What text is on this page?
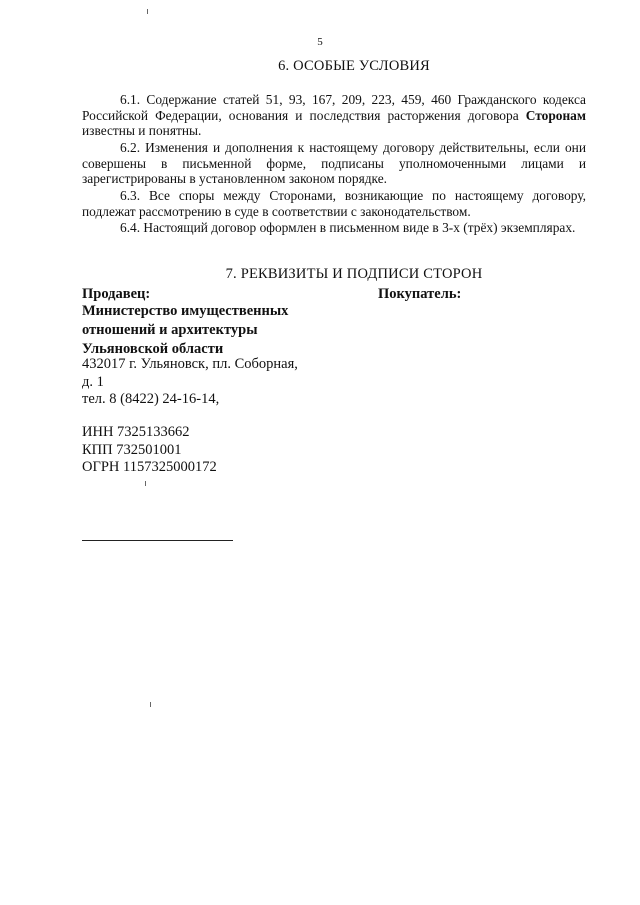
5
6. ОСОБЫЕ УСЛОВИЯ
6.1. Содержание статей 51, 93, 167, 209, 223, 459, 460 Гражданского кодекса Российской Федерации, основания и последствия расторжения договора Сторонам известны и понятны.
6.2. Изменения и дополнения к настоящему договору действительны, если они совершены в письменной форме, подписаны уполномоченными лицами и зарегистрированы в установленном законом порядке.
6.3. Все споры между Сторонами, возникающие по настоящему договору, подлежат рассмотрению в суде в соответствии с законодательством.
6.4. Настоящий договор оформлен в письменном виде в 3-х (трёх) экземплярах.
7. РЕКВИЗИТЫ И ПОДПИСИ СТОРОН
Продавец:	Покупатель:
Министерство имущественных
отношений и архитектуры
Ульяновской области
432017 г. Ульяновск, пл. Соборная,
д. 1
тел. 8 (8422) 24-16-14,
ИНН 7325133662
КПП 732501001
ОГРН 1157325000172
